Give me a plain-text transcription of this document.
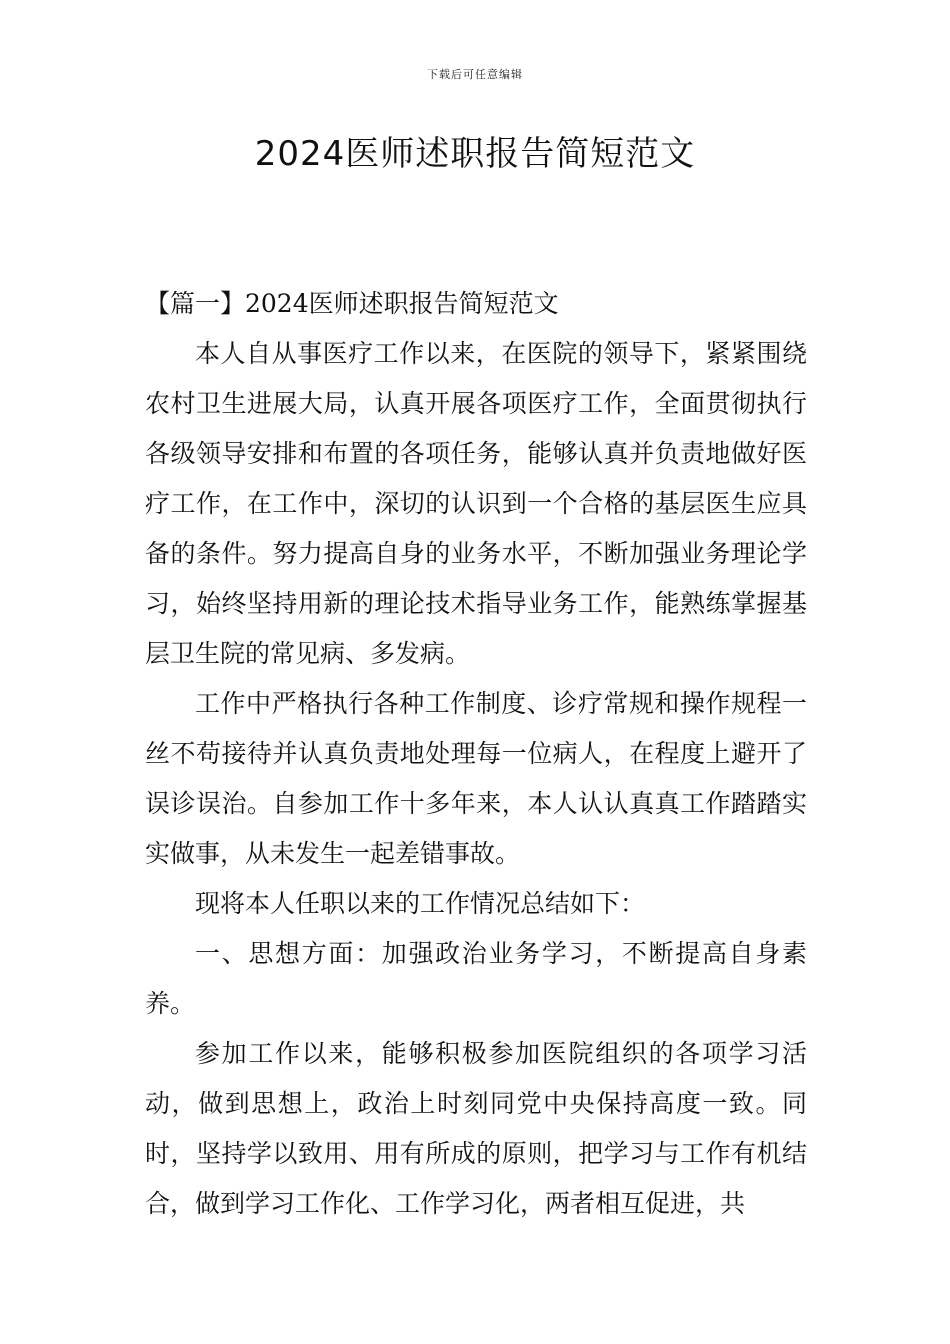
下载后可任意编辑
2024医师述职报告简短范文

【篇一】2024医师述职报告简短范文

本人自从事医疗工作以来，在医院的领导下，紧紧围绕农村卫生进展大局，认真开展各项医疗工作，全面贯彻执行各级领导安排和布置的各项任务，能够认真并负责地做好医疗工作，在工作中，深切的认识到一个合格的基层医生应具备的条件。努力提高自身的业务水平，不断加强业务理论学习，始终坚持用新的理论技术指导业务工作，能熟练掌握基层卫生院的常见病、多发病。

工作中严格执行各种工作制度、诊疗常规和操作规程一丝不苟接待并认真负责地处理每一位病人，在程度上避开了误诊误治。自参加工作十多年来，本人认认真真工作踏踏实实做事，从未发生一起差错事故。

现将本人任职以来的工作情况总结如下：

一、思想方面：加强政治业务学习，不断提高自身素养。

参加工作以来，能够积极参加医院组织的各项学习活动，做到思想上，政治上时刻同党中央保持高度一致。同时，坚持学以致用、用有所成的原则，把学习与工作有机结合，做到学习工作化、工作学习化，两者相互促进，共
